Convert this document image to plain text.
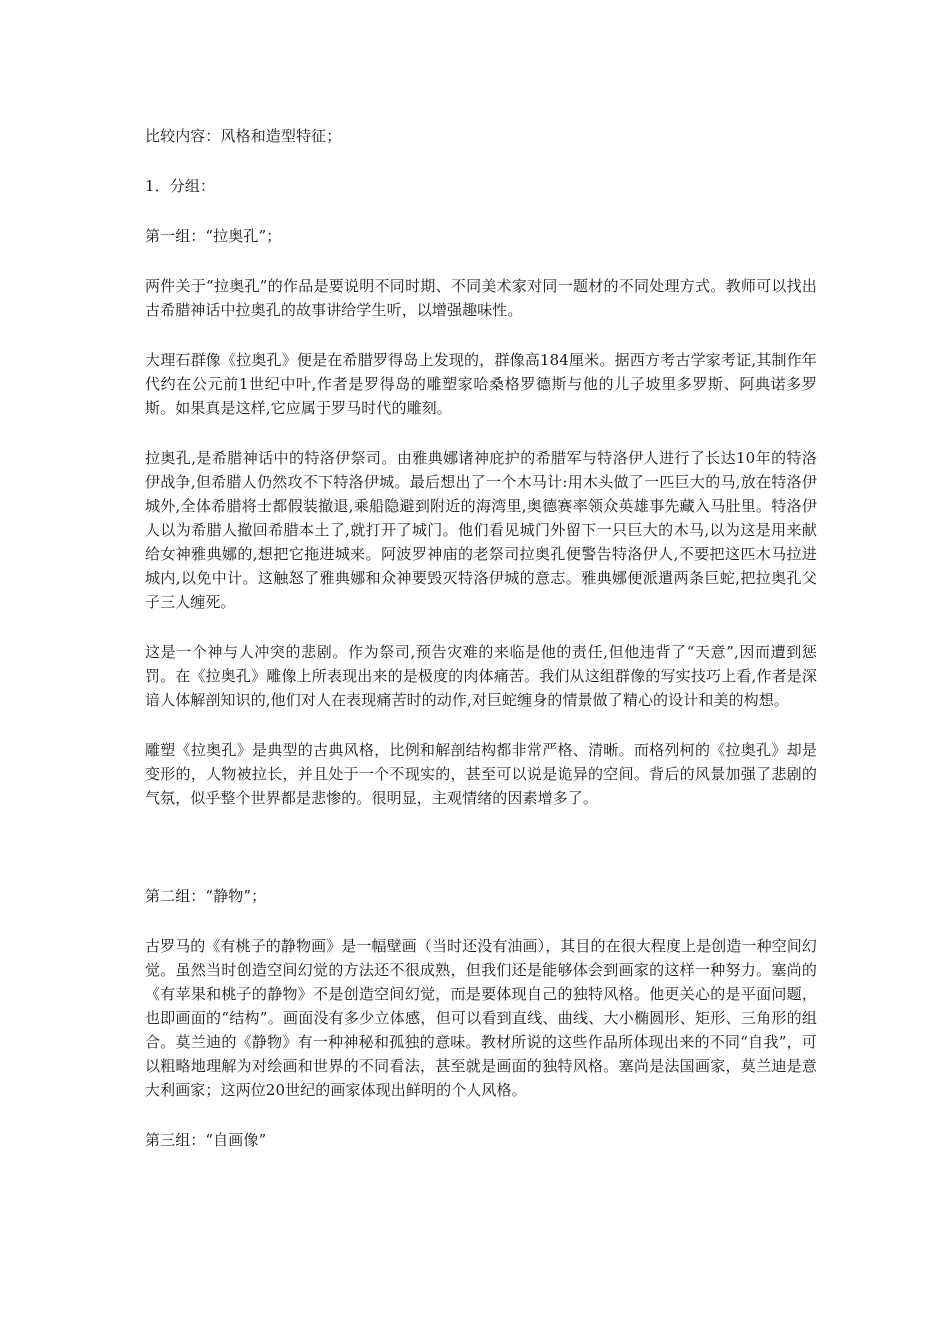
比较内容：风格和造型特征；

1．分组：

第一组：“拉奥孔”；

两件关于“拉奥孔”的作品是要说明不同时期、不同美术家对同一题材的不同处理方式。教师可以找出古希腊神话中拉奥孔的故事讲给学生听，以增强趣味性。

大理石群像《拉奥孔》便是在希腊罗得岛上发现的，群像高184厘米。据西方考古学家考证,其制作年代约在公元前1世纪中叶,作者是罗得岛的雕塑家哈桑格罗德斯与他的儿子坡里多罗斯、阿典诺多罗斯。如果真是这样,它应属于罗马时代的雕刻。

拉奥孔,是希腊神话中的特洛伊祭司。由雅典娜诸神庇护的希腊军与特洛伊人进行了长达10年的特洛伊战争,但希腊人仍然攻不下特洛伊城。最后想出了一个木马计:用木头做了一匹巨大的马,放在特洛伊城外,全体希腊将士都假装撤退,乘船隐避到附近的海湾里,奥德赛率领众英雄事先藏入马肚里。特洛伊人以为希腊人撤回希腊本土了,就打开了城门。他们看见城门外留下一只巨大的木马,以为这是用来献给女神雅典娜的,想把它拖进城来。阿波罗神庙的老祭司拉奥孔便警告特洛伊人,不要把这匹木马拉进城内,以免中计。这触怒了雅典娜和众神要毁灭特洛伊城的意志。雅典娜便派遣两条巨蛇,把拉奥孔父子三人缠死。

这是一个神与人冲突的悲剧。作为祭司,预告灾难的来临是他的责任,但他违背了“天意”,因而遭到惩罚。在《拉奥孔》雕像上所表现出来的是极度的肉体痛苦。我们从这组群像的写实技巧上看,作者是深谙人体解剖知识的,他们对人在表现痛苦时的动作,对巨蛇缠身的情景做了精心的设计和美的构想。

雕塑《拉奥孔》是典型的古典风格，比例和解剖结构都非常严格、清晰。而格列柯的《拉奥孔》却是变形的，人物被拉长，并且处于一个不现实的，甚至可以说是诡异的空间。背后的风景加强了悲剧的气氛，似乎整个世界都是悲惨的。很明显，主观情绪的因素增多了。

第二组：“静物”；

古罗马的《有桃子的静物画》是一幅壁画（当时还没有油画），其目的在很大程度上是创造一种空间幻觉。虽然当时创造空间幻觉的方法还不很成熟，但我们还是能够体会到画家的这样一种努力。塞尚的《有苹果和桃子的静物》不是创造空间幻觉，而是要体现自己的独特风格。他更关心的是平面问题，也即画面的“结构”。画面没有多少立体感，但可以看到直线、曲线、大小椭圆形、矩形、三角形的组合。莫兰迪的《静物》有一种神秘和孤独的意味。教材所说的这些作品所体现出来的不同“自我”，可以粗略地理解为对绘画和世界的不同看法，甚至就是画面的独特风格。塞尚是法国画家，莫兰迪是意大利画家；这两位20世纪的画家体现出鲜明的个人风格。

第三组：“自画像”
